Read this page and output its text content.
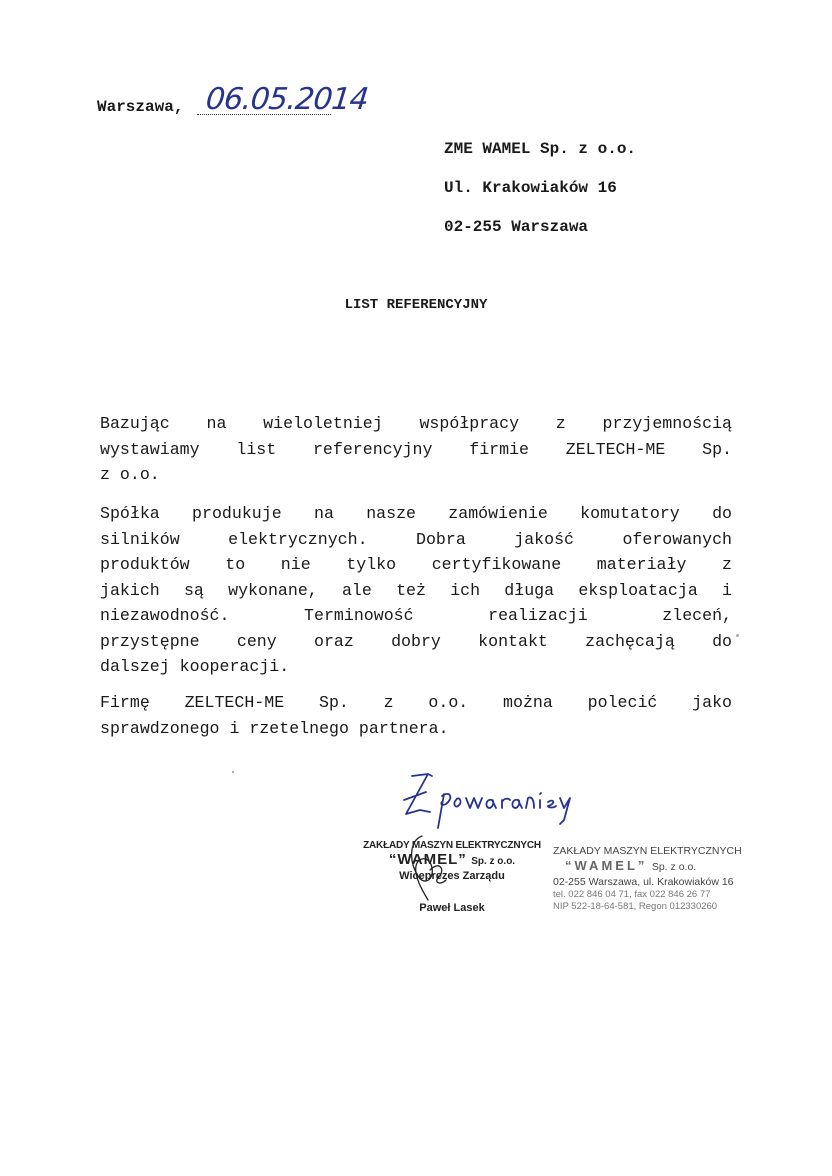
Warszawa, 06.05.2014
ZME WAMEL Sp. z o.o.
Ul. Krakowiaków 16
02-255 Warszawa
LIST REFERENCYJNY
Bazując na wieloletniej współpracy z przyjemnością
wystawiamy list referencyjny firmie ZELTECH-ME Sp.
z o.o.
Spółka produkuje na nasze zamówienie komutatory do
silników elektrycznych. Dobra jakość oferowanych
produktów to nie tylko certyfikowane materiały z
jakich są wykonane, ale też ich długa eksploatacja i
niezawodność. Terminowość realizacji zleceń,
przystępne ceny oraz dobry kontakt zachęcają do
dalszej kooperacji.
Firmę ZELTECH-ME Sp. z o.o. można polecić jako
sprawdzonego i rzetelnego partnera.
ZAKŁADY MASZYN ELEKTRYCZNYCH
“WAMEL” Sp. z o.o.
Wiceprezes Zarządu
Paweł Lasek
ZAKŁADY MASZYN ELEKTRYCZNYCH
“WAMEL” Sp. z o.o.
02-255 Warszawa, ul. Krakowiaków 16
tel. 022 846 04 71, fax 022 846 26 77
NIP 522-18-64-581, Regon 012330260
